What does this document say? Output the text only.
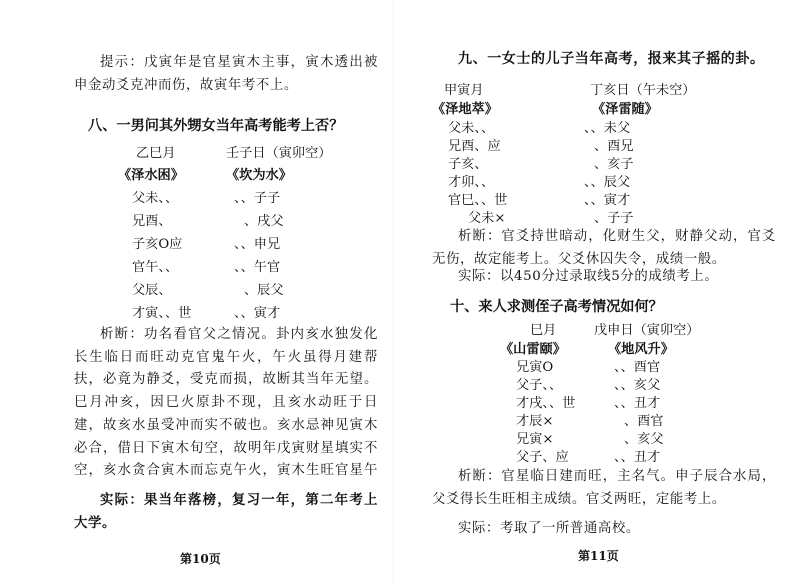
提示：戊寅年是官星寅木主事，寅木透出被申金动爻克冲而伤，故寅年考不上。
八、一男问其外甥女当年高考能考上否？
乙巳月	壬子日（寅卯空）
《泽水困》	《坎为水》
父未、、	、、子子
兄酉、	、戌父
子亥O应	、、申兄
官午、、	、、午官
父辰、	、辰父
才寅、、世	、、寅才
析断：功名看官父之情况。卦内亥水独发化长生临日而旺动克官鬼午火，午火虽得月建帮扶，必竟为静爻，受克而损，故断其当年无望。巳月冲亥，因巳火原卦不现，且亥水动旺于日建，故亥水虽受冲而实不破也。亥水忌神见寅木必合，借日下寅木旬空，故明年戊寅财星填实不空，亥水贪合寅木而忘克午火，寅木生旺官星午
实际：果当年落榜，复习一年，第二年考上大学。
第10页
九、一女士的儿子当年高考，报来其子摇的卦。
甲寅月	丁亥日（午未空）
《泽地萃》	《泽雷随》
父未、、	、、未父
兄酉、应	、酉兄
子亥、	、亥子
才卯、、	、、辰父
官巳、、世	、、寅才
父未×	、子子
析断：官爻持世暗动，化财生父，财静父动，官爻无伤，故定能考上。父爻休囚失令，成绩一般。
实际：以450分过录取线5分的成绩考上。
十、来人求测侄子高考情况如何？
巳月	戊申日（寅卯空）
《山雷颐》	《地风升》
兄寅O	、、酉官
父子、、	、、亥父
才戌、、世	、、丑才
才辰×	、酉官
兄寅×	、亥父
父子、应	、、丑才
析断：官星临日建而旺，主名气。申子辰合水局，父爻得长生旺相主成绩。官爻两旺，定能考上。
实际：考取了一所普通高校。
第11页
